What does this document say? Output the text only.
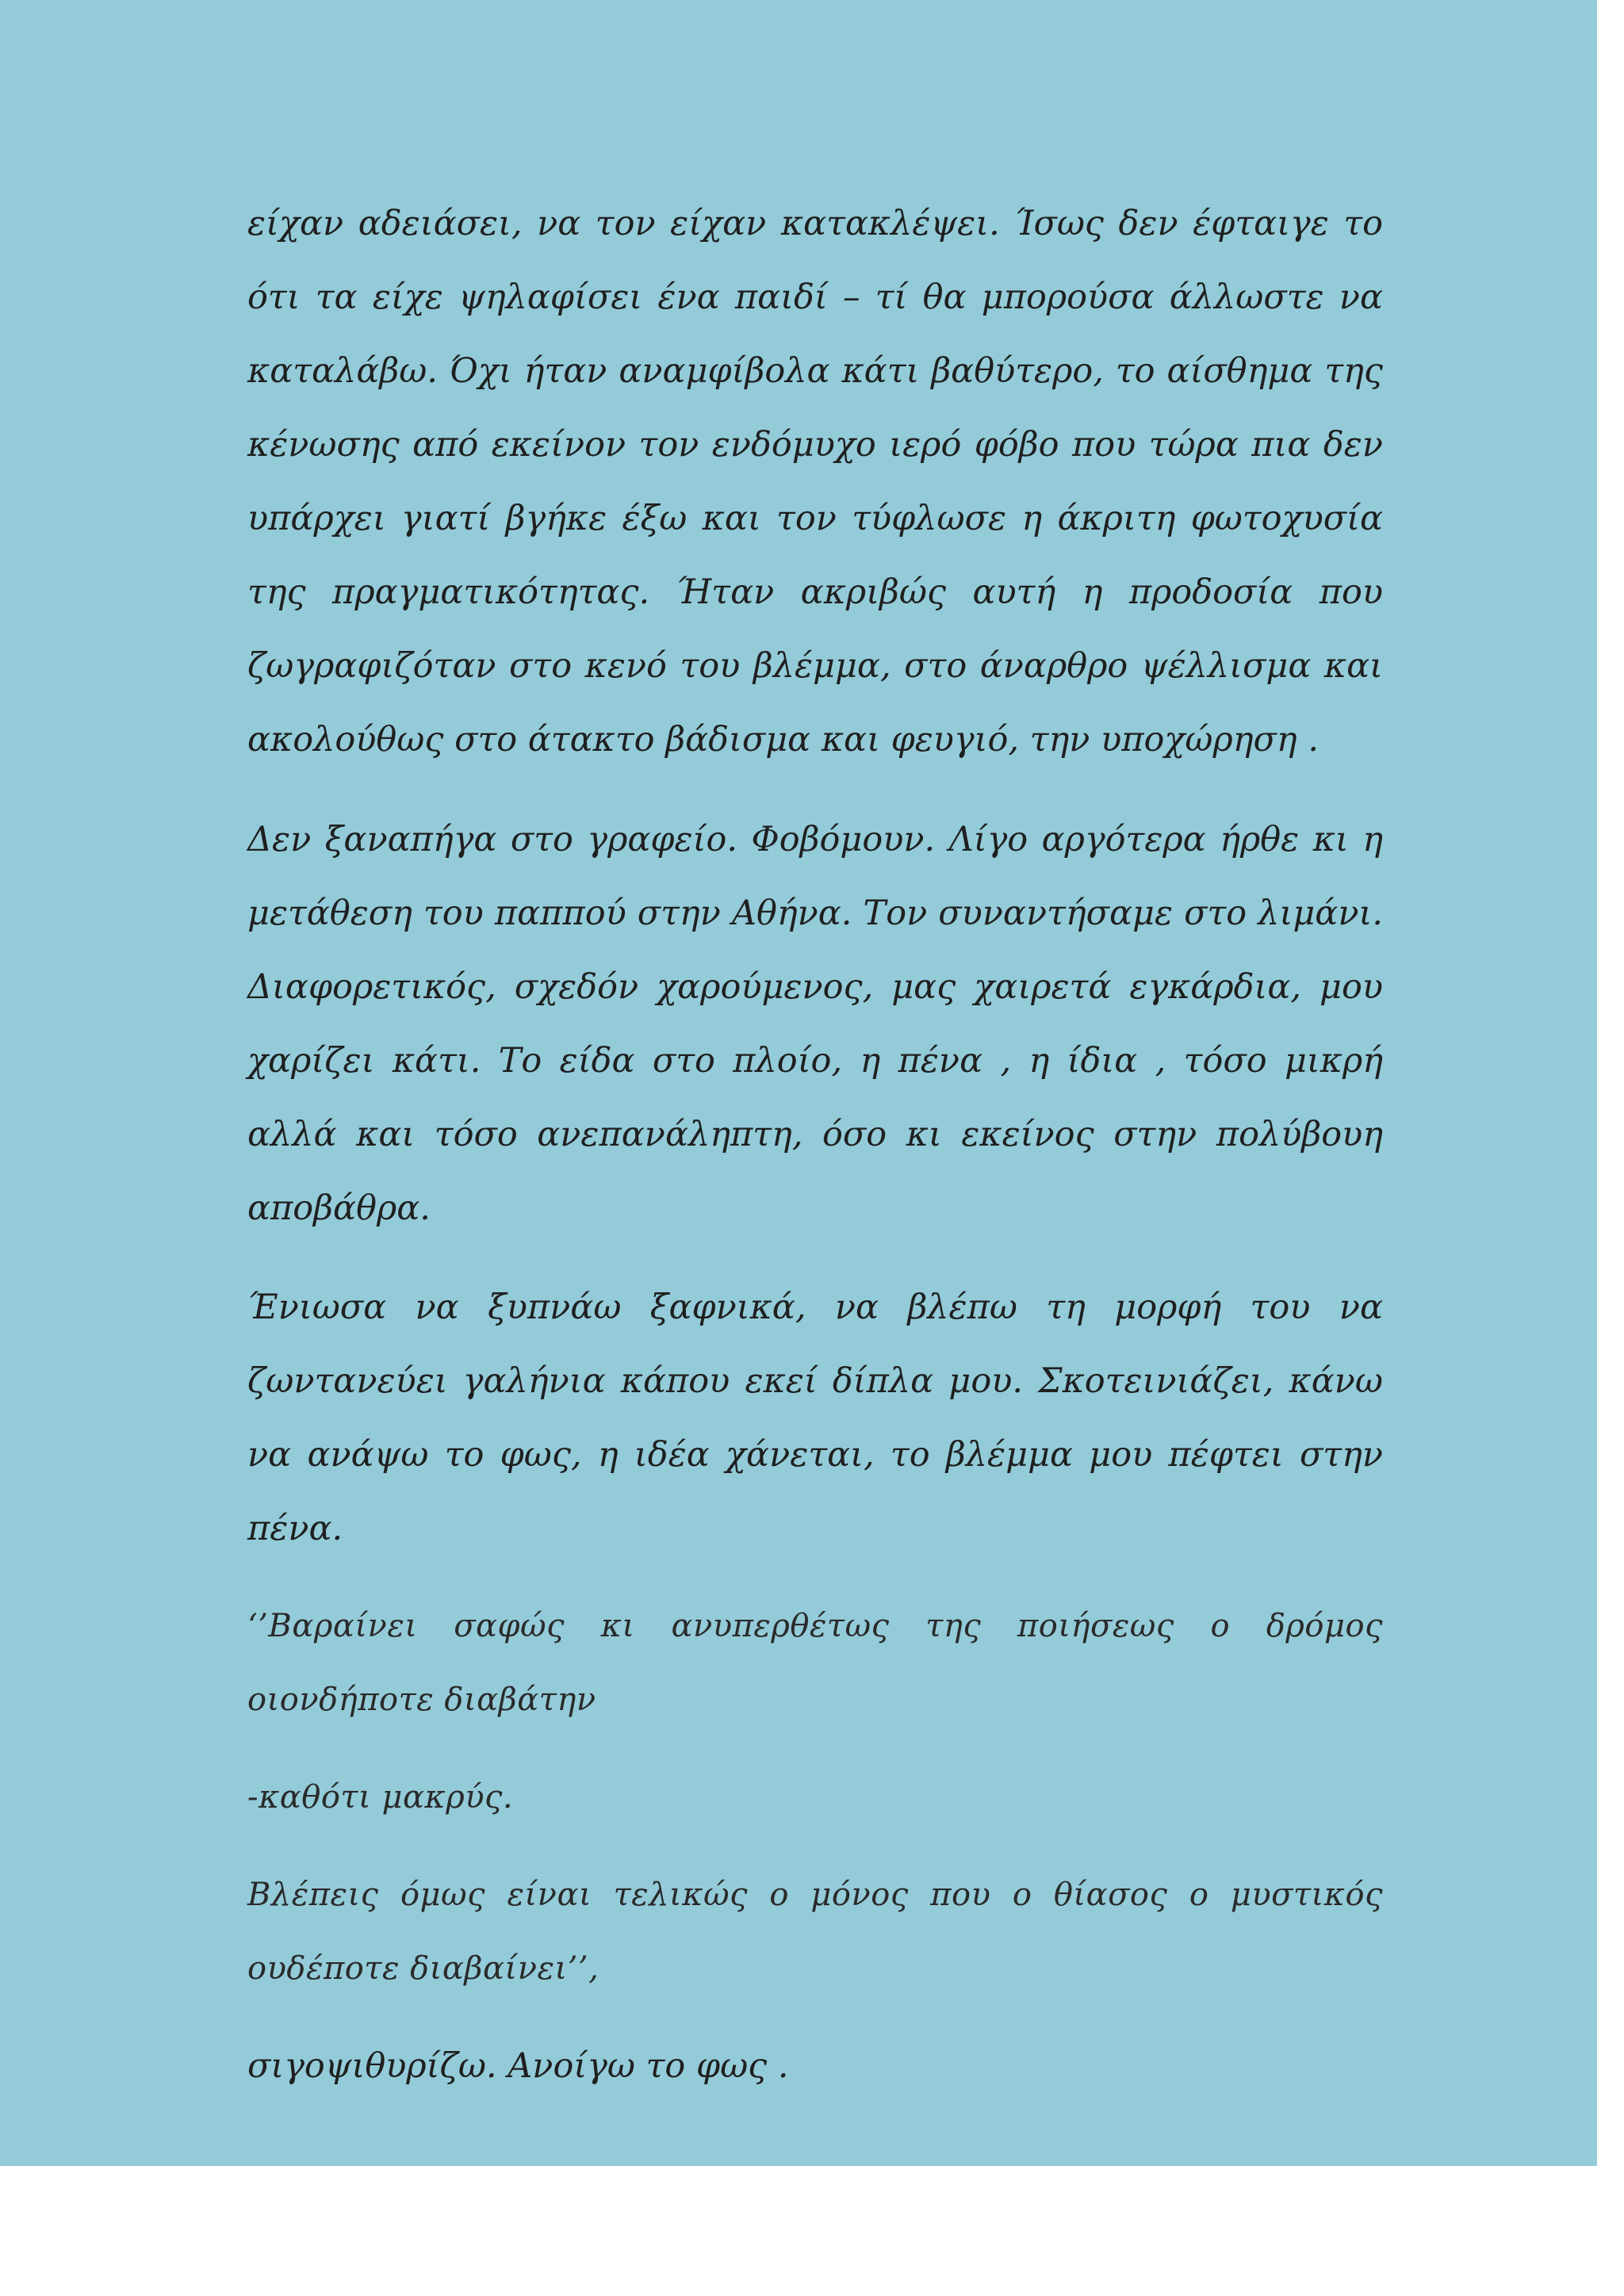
είχαν αδειάσει, να τον είχαν κατακλέψει. Ίσως δεν έφταιγε το ότι τα είχε ψηλαφίσει ένα παιδί – τί θα μπορούσα άλλωστε να καταλάβω. Όχι ήταν αναμφίβολα κάτι βαθύτερο, το αίσθημα της κένωσης από εκείνον τον ενδόμυχο ιερό φόβο που τώρα πια δεν υπάρχει γιατί βγήκε έξω και τον τύφλωσε η άκριτη φωτοχυσία της πραγματικότητας. Ήταν ακριβώς αυτή η προδοσία που ζωγραφιζόταν στο κενό του βλέμμα, στο άναρθρο ψέλλισμα και ακολούθως στο άτακτο βάδισμα και φευγιό, την υποχώρηση .

Δεν ξαναπήγα στο γραφείο. Φοβόμουν. Λίγο αργότερα ήρθε κι η μετάθεση του παππού στην Αθήνα. Τον συναντήσαμε στο λιμάνι. Διαφορετικός, σχεδόν χαρούμενος, μας χαιρετά εγκάρδια, μου χαρίζει κάτι. Το είδα στο πλοίο, η πένα , η ίδια , τόσο μικρή αλλά και τόσο ανεπανάληπτη, όσο κι εκείνος στην πολύβουη αποβάθρα.

Ένιωσα να ξυπνάω ξαφνικά, να βλέπω τη μορφή του να ζωντανεύει γαλήνια κάπου εκεί δίπλα μου. Σκοτεινιάζει, κάνω να ανάψω το φως, η ιδέα χάνεται, το βλέμμα μου πέφτει στην πένα.

‘’Βαραίνει σαφώς κι ανυπερθέτως της ποιήσεως ο δρόμος οιονδήποτε διαβάτην

-καθότι μακρύς.

Βλέπεις όμως είναι τελικώς ο μόνος που ο θίασος ο μυστικός ουδέποτε διαβαίνει’’,

σιγοψιθυρίζω. Ανοίγω το φως .
